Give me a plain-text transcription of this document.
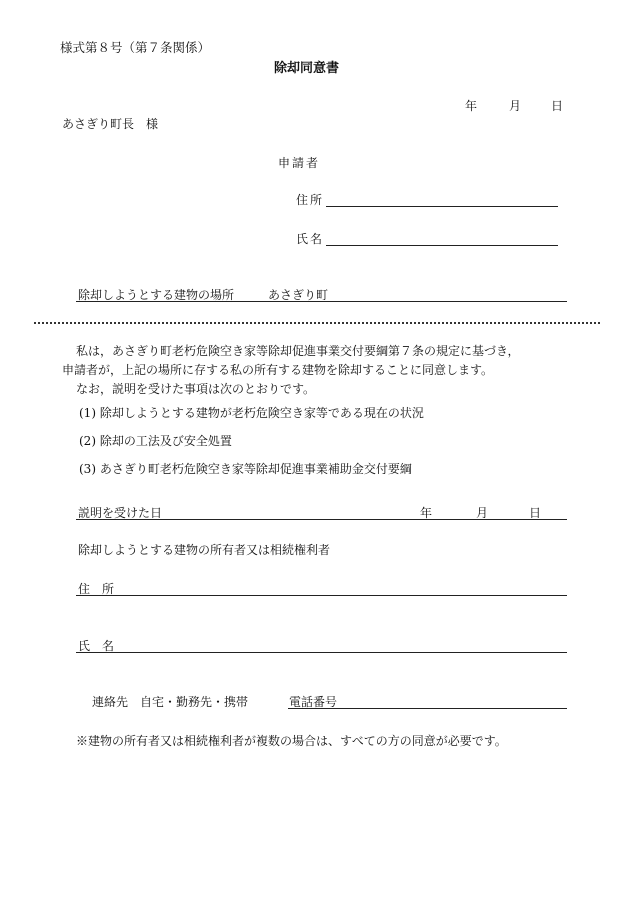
様式第８号（第７条関係）
除却同意書
年	月 日
あさぎり町長　様
申請者
住所
氏名
除却しようとする建物の場所	あさぎり町
私は，あさぎり町老朽危険空き家等除却促進事業交付要綱第７条の規定に基づき，
申請者が，上記の場所に存する私の所有する建物を除却することに同意します。
なお，説明を受けた事項は次のとおりです。
(1) 除却しようとする建物が老朽危険空き家等である現在の状況
(2) 除却の工法及び安全処置
(3) あさぎり町老朽危険空き家等除却促進事業補助金交付要綱
説明を受けた日	年	月	日
除却しようとする建物の所有者又は相続権利者
住　所
氏　名
連絡先　自宅・勤務先・携帯	電話番号
※建物の所有者又は相続権利者が複数の場合は、すべての方の同意が必要です。
